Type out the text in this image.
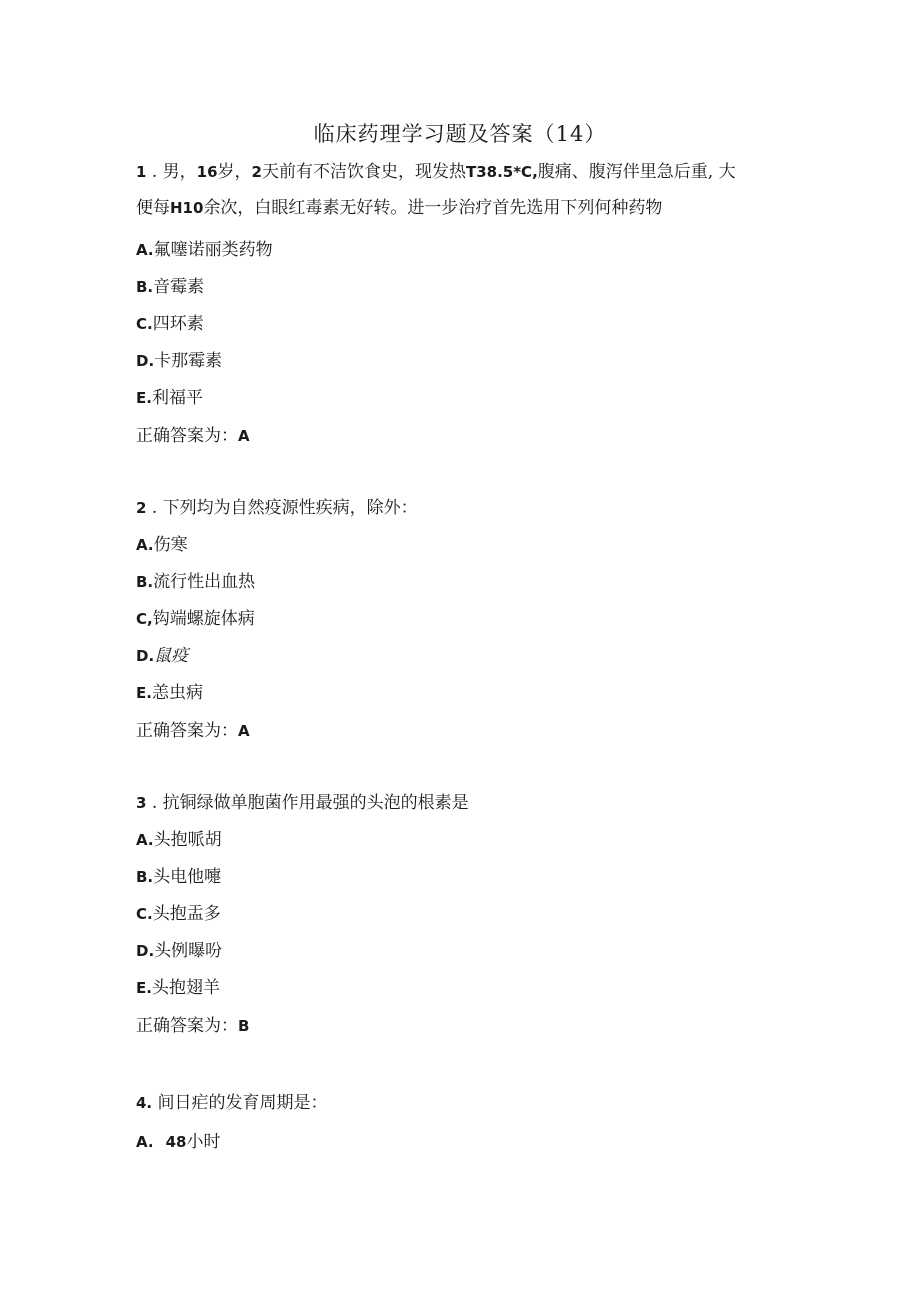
临床药理学习题及答案（14）
1 . 男，16岁，2天前有不洁饮食史，现发热T38.5*C,腹痛、腹泻伴里急后重, 大
便每H10余次，白眼红毒素无好转。进一步治疗首先选用下列何种药物
A.氟噻诺丽类药物
B.音霉素
C.四环素
D.卡那霉素
E.利福平
正确答案为：A
2 . 下列均为自然疫源性疾病，除外：
A.伤寒
B.流行性出血热
C,钩端螺旋体病
D.鼠疫
E.恙虫病
正确答案为：A
3 . 抗铜绿做单胞菌作用最强的头泡的根素是
A.头抱哌胡
B.头电他嚏
C.头抱盂多
D.头例曝吩
E.头抱翅羊
正确答案为：B
4. 间日疟的发育周期是：
A. 48小时
